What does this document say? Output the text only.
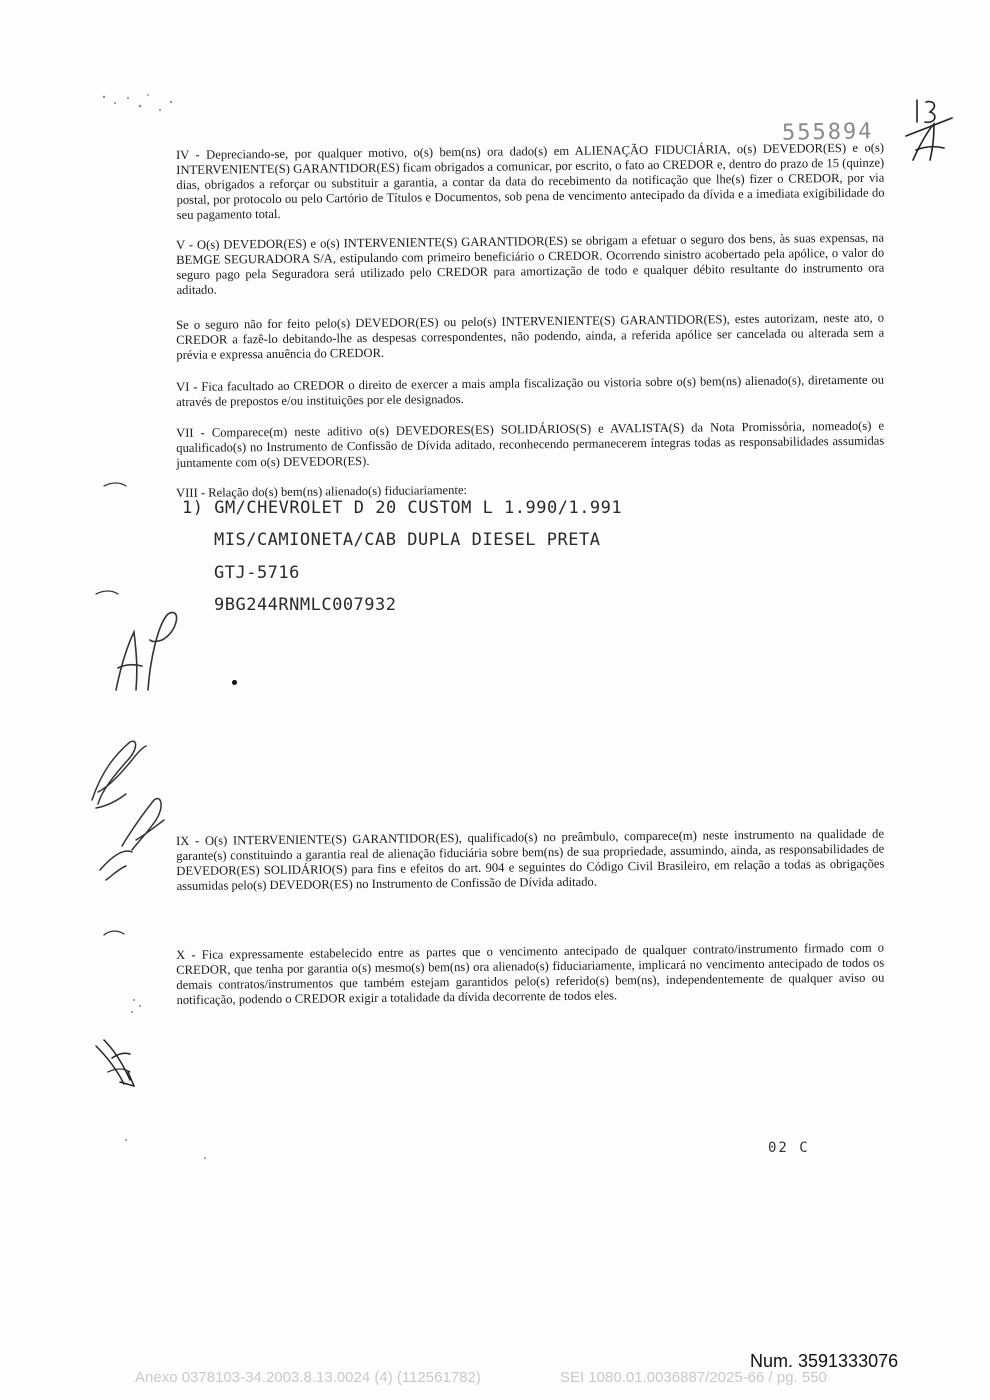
555894
IV - Depreciando-se, por qualquer motivo, o(s) bem(ns) ora dado(s) em ALIENAÇÃO FIDUCIÁRIA, o(s) DEVEDOR(ES) e o(s) INTERVENIENTE(S) GARANTIDOR(ES) ficam obrigados a comunicar, por escrito, o fato ao CREDOR e, dentro do prazo de 15 (quinze) dias, obrigados a reforçar ou substituir a garantia, a contar da data do recebimento da notificação que lhe(s) fizer o CREDOR, por via postal, por protocolo ou pelo Cartório de Títulos e Documentos, sob pena de vencimento antecipado da dívida e a imediata exigibilidade do seu pagamento total.
V - O(s) DEVEDOR(ES) e o(s) INTERVENIENTE(S) GARANTIDOR(ES) se obrigam a efetuar o seguro dos bens, às suas expensas, na BEMGE SEGURADORA S/A, estipulando com primeiro beneficiário o CREDOR. Ocorrendo sinistro acobertado pela apólice, o valor do seguro pago pela Seguradora será utilizado pelo CREDOR para amortização de todo e qualquer débito resultante do instrumento ora aditado.
Se o seguro não for feito pelo(s) DEVEDOR(ES) ou pelo(s) INTERVENIENTE(S) GARANTIDOR(ES), estes autorizam, neste ato, o CREDOR a fazê-lo debitando-lhe as despesas correspondentes, não podendo, ainda, a referida apólice ser cancelada ou alterada sem a prévia e expressa anuência do CREDOR.
VI - Fica facultado ao CREDOR o direito de exercer a mais ampla fiscalização ou vistoria sobre o(s) bem(ns) alienado(s), diretamente ou através de prepostos e/ou instituições por ele designados.
VII - Comparece(m) neste aditivo o(s) DEVEDORES(ES) SOLIDÁRIOS(S) e AVALISTA(S) da Nota Promissória, nomeado(s) e qualificado(s) no Instrumento de Confissão de Dívida aditado, reconhecendo permanecerem íntegras todas as responsabilidades assumidas juntamente com o(s) DEVEDOR(ES).
VIII - Relação do(s) bem(ns) alienado(s) fiduciariamente:
1) GM/CHEVROLET D 20 CUSTOM L 1.990/1.991
MIS/CAMIONETA/CAB DUPLA DIESEL PRETA
GTJ-5716
9BG244RNMLC007932
IX - O(s) INTERVENIENTE(S) GARANTIDOR(ES), qualificado(s) no preâmbulo, comparece(m) neste instrumento na qualidade de garante(s) constituindo a garantia real de alienação fiduciária sobre bem(ns) de sua propriedade, assumindo, ainda, as responsabilidades de DEVEDOR(ES) SOLIDÁRIO(S) para fins e efeitos do art. 904 e seguintes do Código Civil Brasileiro, em relação a todas as obrigações assumidas pelo(s) DEVEDOR(ES) no Instrumento de Confissão de Dívida aditado.
X - Fica expressamente estabelecido entre as partes que o vencimento antecipado de qualquer contrato/instrumento firmado com o CREDOR, que tenha por garantia o(s) mesmo(s) bem(ns) ora alienado(s) fiduciariamente, implicará no vencimento antecipado de todos os demais contratos/instrumentos que também estejam garantidos pelo(s) referido(s) bem(ns), independentemente de qualquer aviso ou notificação, podendo o CREDOR exigir a totalidade da dívida decorrente de todos eles.
02 C
Num. 3591333076
Anexo 0378103-34.2003.8.13.0024 (4) (112561782)	SEI 1080.01.0036887/2025-66 / pg. 550
